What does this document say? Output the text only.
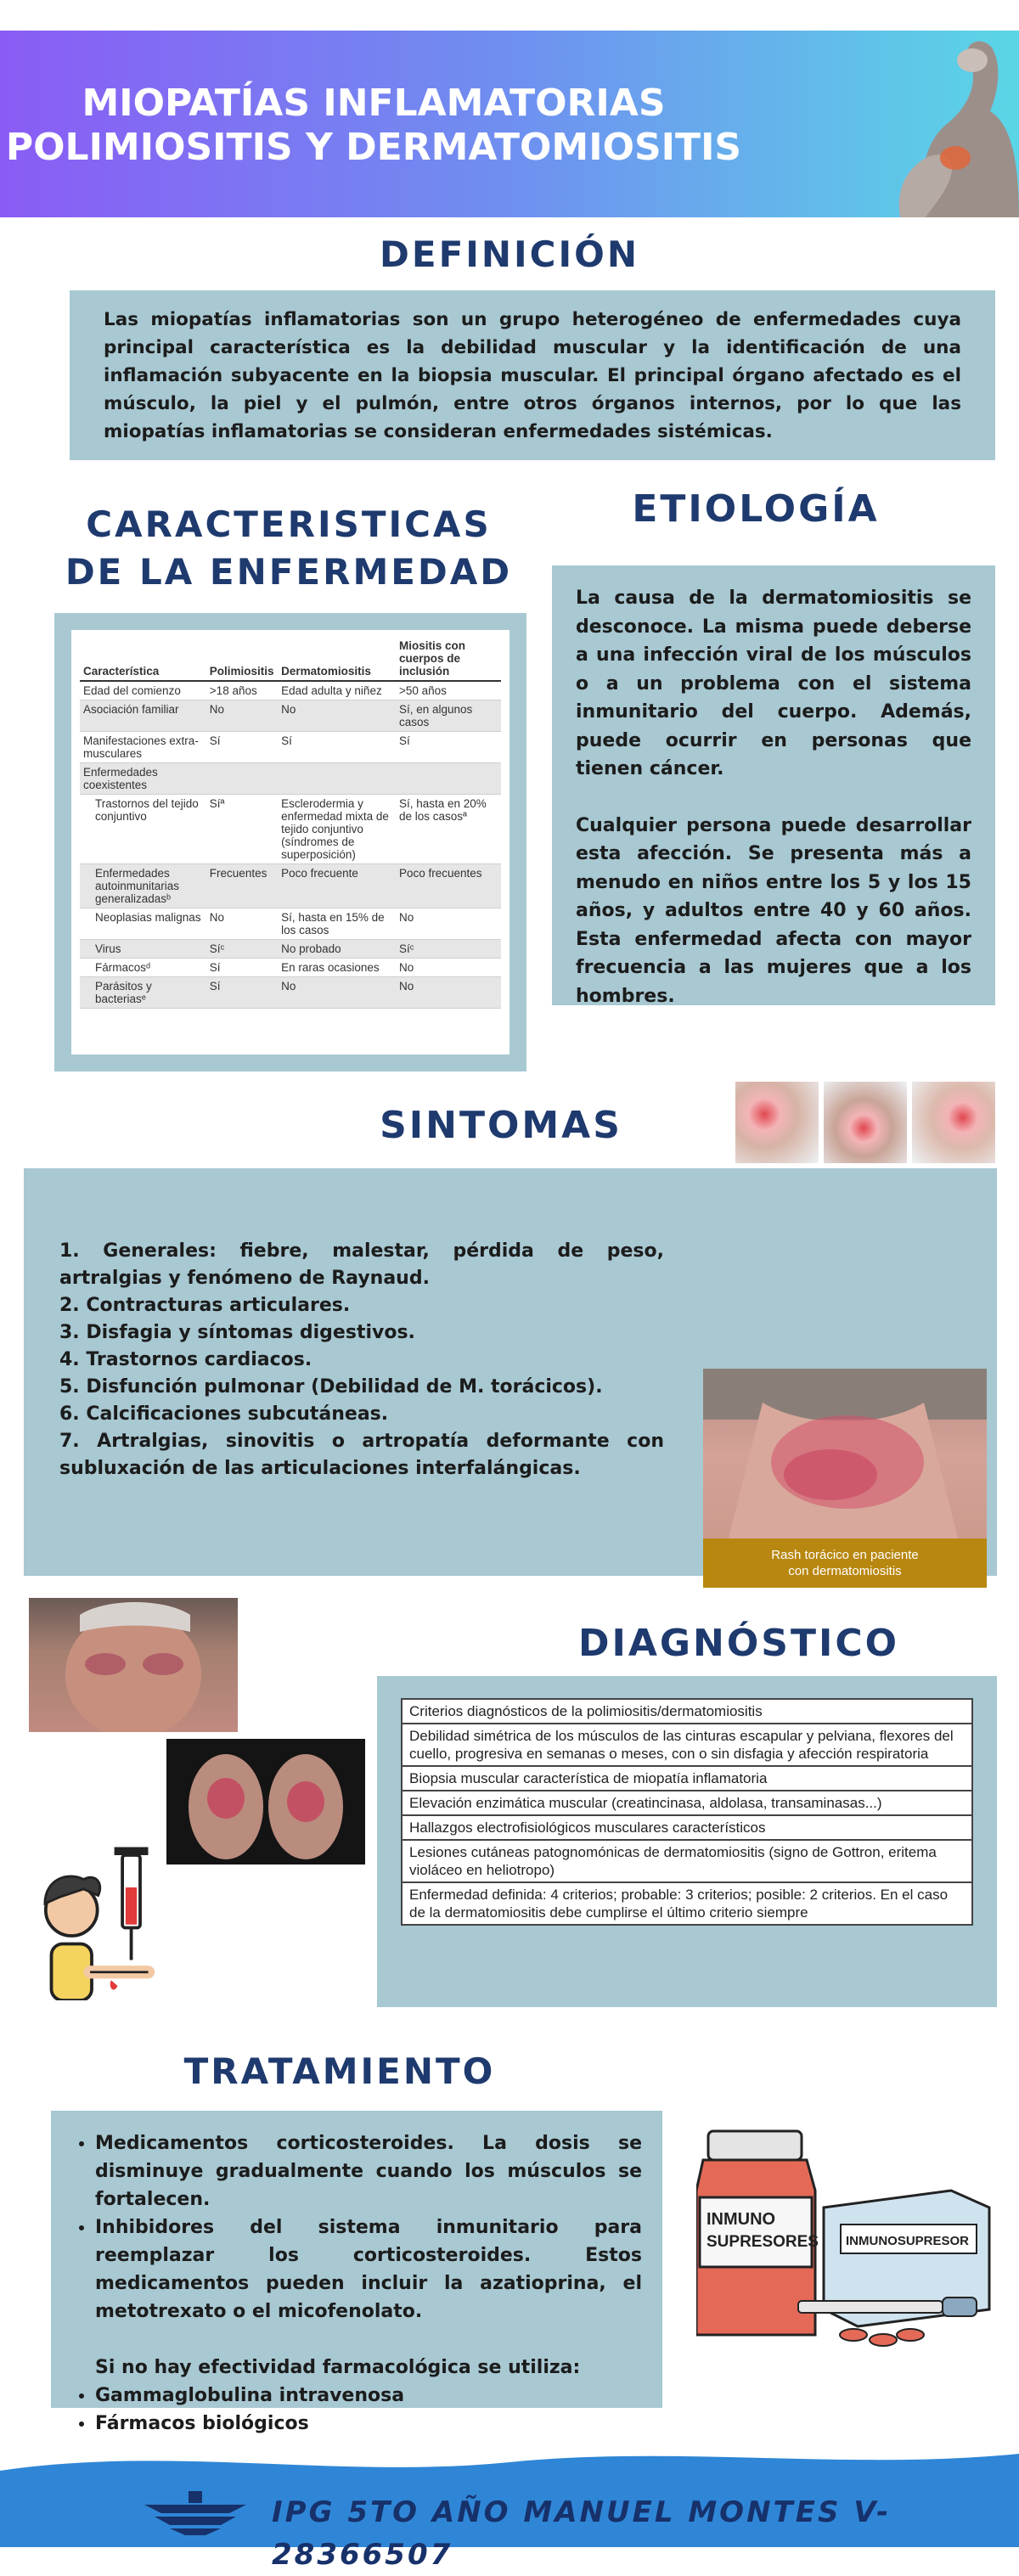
MIOPATÍAS INFLAMATORIAS
POLIMIOSITIS Y DERMATOMIOSITIS
DEFINICIÓN

Las miopatías inflamatorias son un grupo heterogéneo de enfermedades cuya principal característica es la debilidad muscular y la identificación de una inflamación subyacente en la biopsia muscular. El principal órgano afectado es el músculo, la piel y el pulmón, entre otros órganos internos, por lo que las miopatías inflamatorias se consideran enfermedades sistémicas.

CARACTERISTICAS
DE LA ENFERMEDAD
Característica	Polimiositis	Dermatomiositis	Miositis con cuerpos de inclusión
Edad del comienzo	>18 años	Edad adulta y niñez	>50 años
Asociación familiar	No	No	Sí, en algunos casos
Manifestaciones extra-musculares	Sí	Sí	Sí
Enfermedades coexistentes			
Trastornos del tejido conjuntivo	Síª	Esclerodermia y enfermedad mixta de tejido conjuntivo (síndromes de superposición)	Sí, hasta en 20% de los casosª
Enfermedades autoinmunitarias generalizadasᵇ	Frecuentes	Poco frecuente	Poco frecuentes
Neoplasias malignas	No	Sí, hasta en 15% de los casos	No
Virus	Síᶜ	No probado	Síᶜ
Fármacosᵈ	Sí	En raras ocasiones	No
Parásitos y bacteriasᵉ	Sí	No	No
ETIOLOGÍA

La causa de la dermatomiositis se desconoce. La misma puede deberse a una infección viral de los músculos o a un problema con el sistema inmunitario del cuerpo. Además, puede ocurrir en personas que tienen cáncer.

Cualquier persona puede desarrollar esta afección. Se presenta más a menudo en niños entre los 5 y los 15 años, y adultos entre 40 y 60 años. Esta enfermedad afecta con mayor frecuencia a las mujeres que a los hombres.

SINTOMAS
1. Generales: fiebre, malestar, pérdida de peso, artralgias y fenómeno de Raynaud.
2. Contracturas articulares.
3. Disfagia y síntomas digestivos.
4. Trastornos cardiacos.
5. Disfunción pulmonar (Debilidad de M. torácicos).
6. Calcificaciones subcutáneas.
7. Artralgias, sinovitis o artropatía deformante con subluxación de las articulaciones interfalángicas.
Rash torácico en paciente
con dermatomiositis
DIAGNÓSTICO
Criterios diagnósticos de la polimiositis/dermatomiositis
Debilidad simétrica de los músculos de las cinturas escapular y pelviana, flexores del cuello, progresiva en semanas o meses, con o sin disfagia y afección respiratoria
Biopsia muscular característica de miopatía inflamatoria
Elevación enzimática muscular (creatincinasa, aldolasa, transaminasas...)
Hallazgos electrofisiológicos musculares característicos
Lesiones cutáneas patognomónicas de dermatomiositis (signo de Gottron, eritema violáceo en heliotropo)
Enfermedad definida: 4 criterios; probable: 3 criterios; posible: 2 criterios. En el caso de la dermatomiositis debe cumplirse el último criterio siempre
TRATAMIENTO
• Medicamentos corticosteroides. La dosis se disminuye gradualmente cuando los músculos se fortalecen.
• Inhibidores del sistema inmunitario para reemplazar los corticosteroides. Estos medicamentos pueden incluir la azatioprina, el metotrexato o el micofenolato.

Si no hay efectividad farmacológica se utiliza:

• Gammaglobulina intravenosa
• Fármacos biológicos
INMUNO
SUPRESORES INMUNOSUPRESOR
IPG 5TO AÑO MANUEL MONTES V-28366507
